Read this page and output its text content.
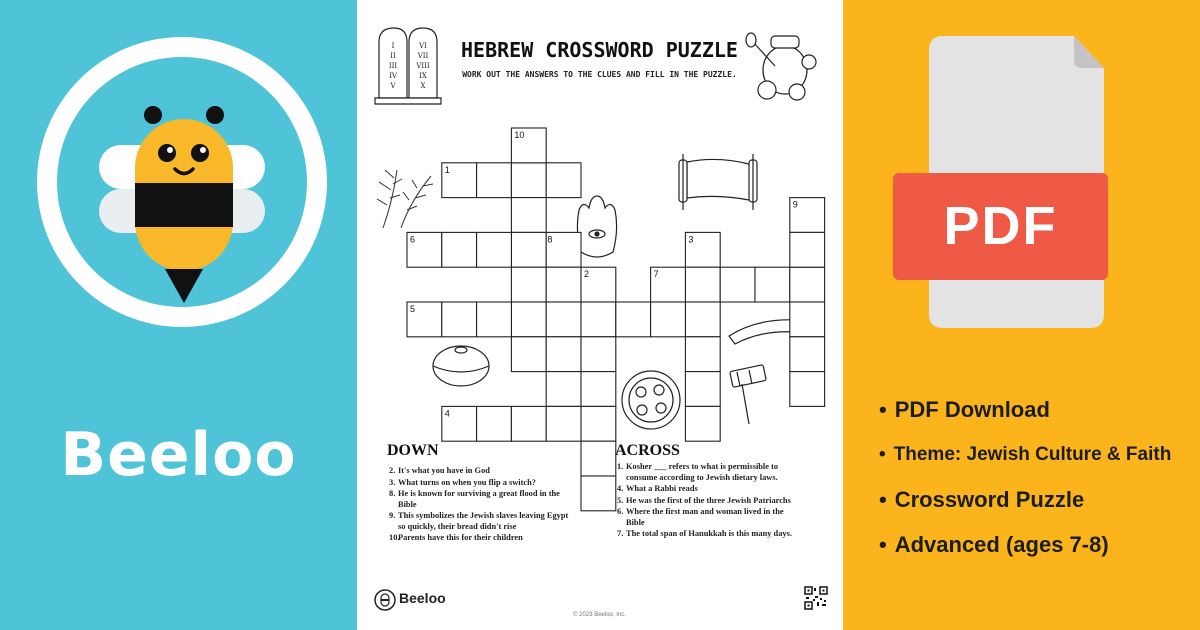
Beeloo
I
II
III
IV
V
VI
VII
VIII
IX
X
1
2
3
4
5
6
7
8
9
10
HEBREW CROSSWORD PUZZLE
WORK OUT THE ANSWERS TO THE CLUES AND FILL IN THE PUZZLE.
DOWN
2. It's what you have in God
3. What turns on when you flip a switch?
8. He is known for surviving a great flood in the Bible
9. This symbolizes the Jewish slaves leaving Egypt so quickly, their bread didn't rise
10.
Parents have this for their children
ACROSS
1. Kosher ___ refers to what is permissible to consume according to Jewish dietary laws.
4. What a Rabbi reads
5. He was the first of the three Jewish Patriarchs
6. Where the first man and woman lived in the Bible
7. The total span of Hanukkah is this many days.
Beeloo
© 2023 Beeloo, Inc.
PDF
• PDF Download
• Theme: Jewish Culture & Faith
• Crossword Puzzle
• Advanced (ages 7-8)
